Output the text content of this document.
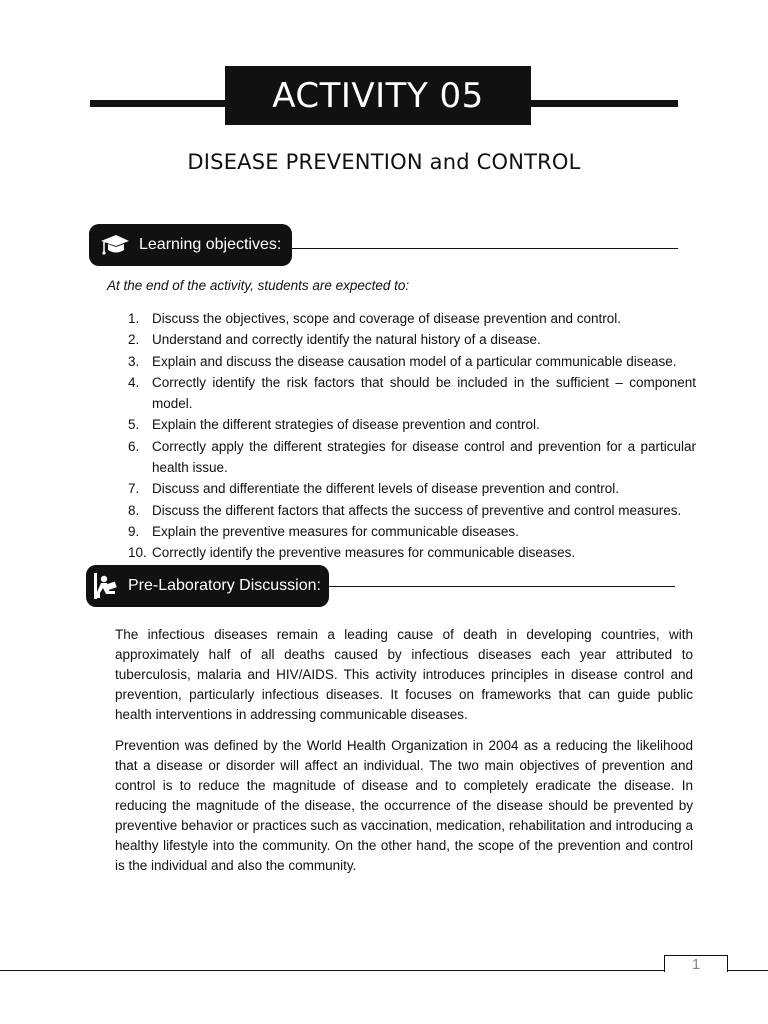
ACTIVITY 05
DISEASE PREVENTION and CONTROL
Learning objectives:
At the end of the activity, students are expected to:
1. Discuss the objectives, scope and coverage of disease prevention and control.
2. Understand and correctly identify the natural history of a disease.
3. Explain and discuss the disease causation model of a particular communicable disease.
4. Correctly identify the risk factors that should be included in the sufficient – component model.
5. Explain the different strategies of disease prevention and control.
6. Correctly apply the different strategies for disease control and prevention for a particular health issue.
7. Discuss and differentiate the different levels of disease prevention and control.
8. Discuss the different factors that affects the success of preventive and control measures.
9. Explain the preventive measures for communicable diseases.
10. Correctly identify the preventive measures for communicable diseases.
Pre-Laboratory Discussion:

The infectious diseases remain a leading cause of death in developing countries, with approximately half of all deaths caused by infectious diseases each year attributed to tuberculosis, malaria and HIV/AIDS. This activity introduces principles in disease control and prevention, particularly infectious diseases. It focuses on frameworks that can guide public health interventions in addressing communicable diseases.

Prevention was defined by the World Health Organization in 2004 as a reducing the likelihood that a disease or disorder will affect an individual. The two main objectives of prevention and control is to reduce the magnitude of disease and to completely eradicate the disease. In reducing the magnitude of the disease, the occurrence of the disease should be prevented by preventive behavior or practices such as vaccination, medication, rehabilitation and introducing a healthy lifestyle into the community. On the other hand, the scope of the prevention and control is the individual and also the community.

1
